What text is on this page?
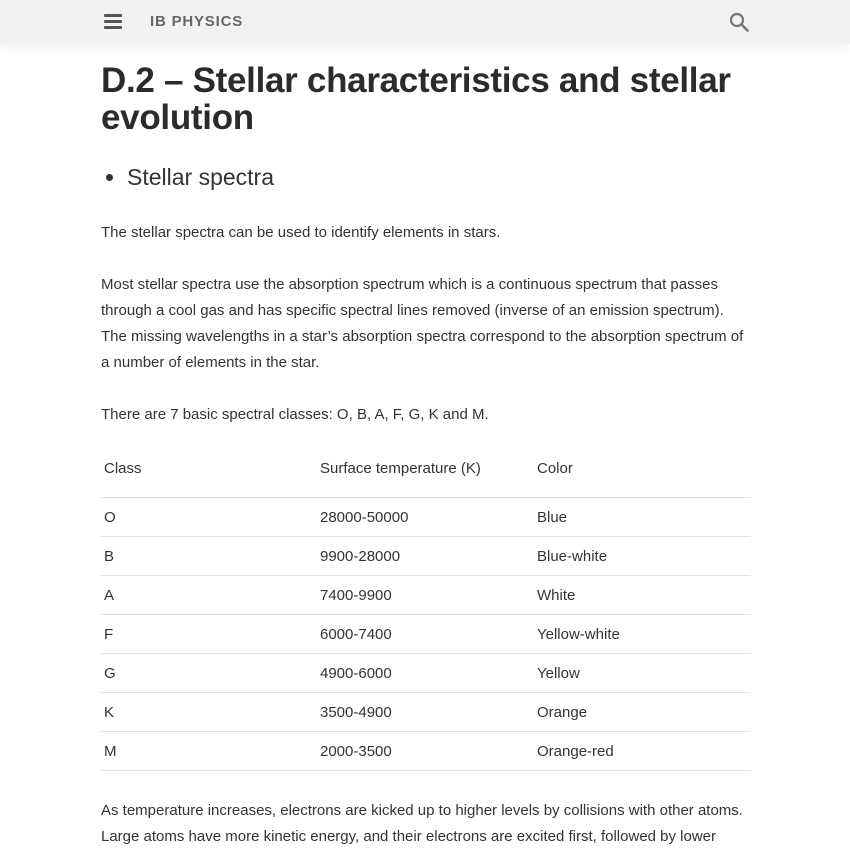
IB PHYSICS
D.2 – Stellar characteristics and stellar evolution
• Stellar spectra

The stellar spectra can be used to identify elements in stars.

Most stellar spectra use the absorption spectrum which is a continuous spectrum that passes through a cool gas and has specific spectral lines removed (inverse of an emission spectrum). The missing wavelengths in a star’s absorption spectra correspond to the absorption spectrum of a number of elements in the star.

There are 7 basic spectral classes: O, B, A, F, G, K and M.

Class	Surface temperature (K)	Color
O	28000-50000	Blue
B	9900-28000	Blue-white
A	7400-9900	White
F	6000-7400	Yellow-white
G	4900-6000	Yellow
K	3500-4900	Orange
M	2000-3500	Orange-red

As temperature increases, electrons are kicked up to higher levels by collisions with other atoms. Large atoms have more kinetic energy, and their electrons are excited first, followed by lower
